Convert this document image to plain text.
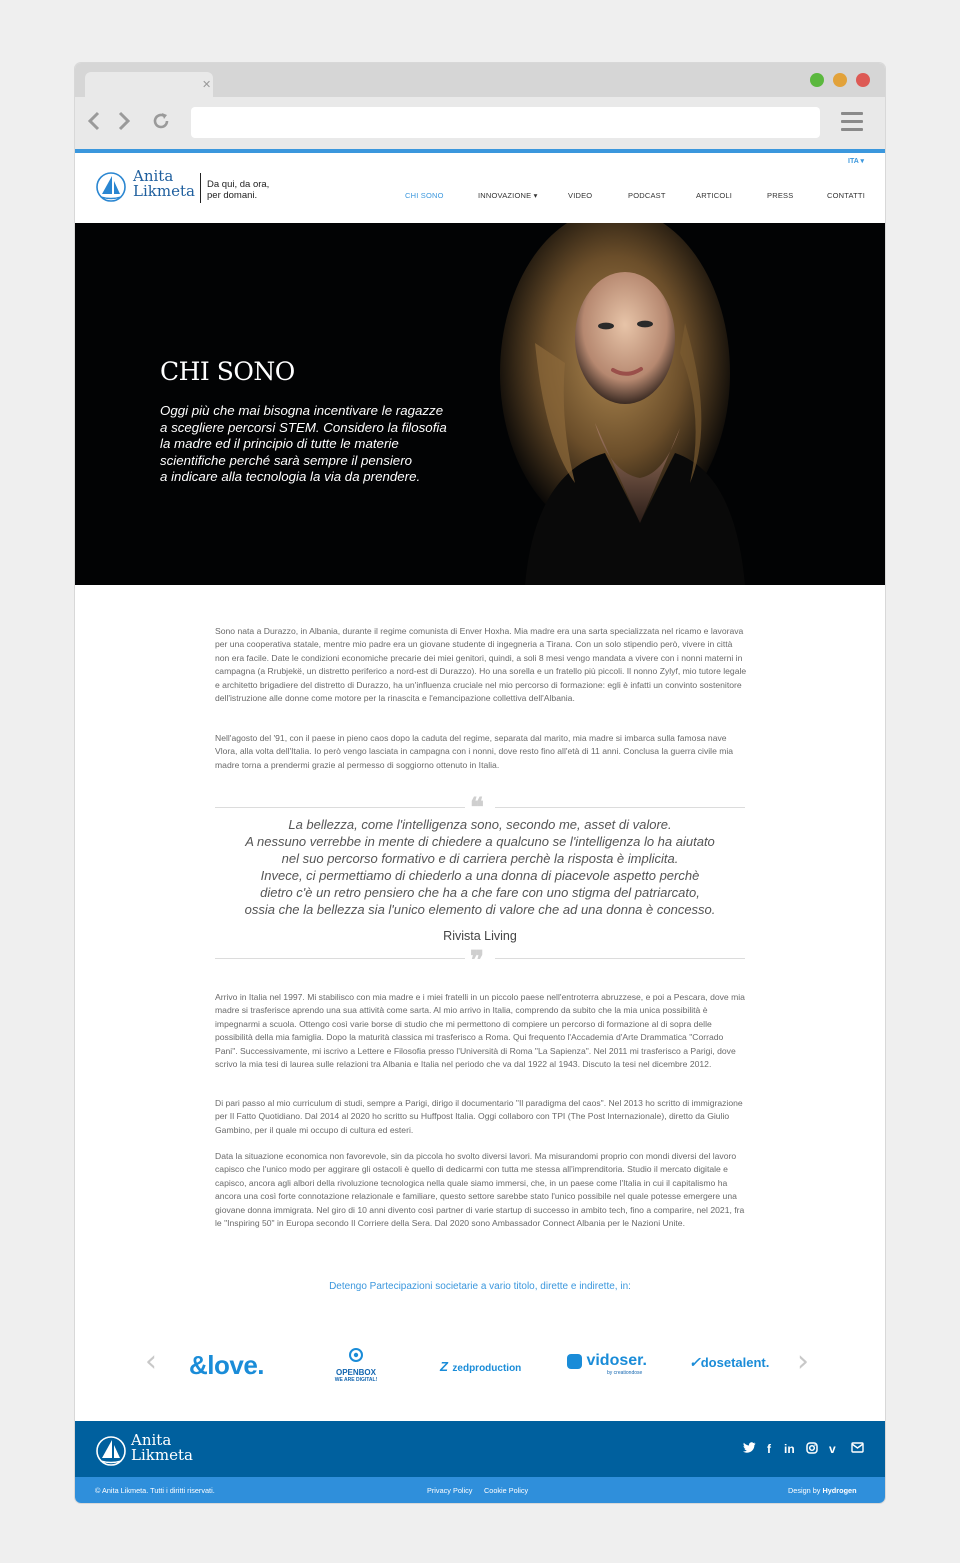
✕
Anita
Likmeta Da qui, da ora,
per domani.
ITA ▾
CHI SONO	INNOVAZIONE ▾	VIDEO	PODCAST	ARTICOLI	PRESS	CONTATTI
CHI SONO
Oggi più che mai bisogna incentivare le ragazze
a scegliere percorsi STEM. Considero la filosofia
la madre ed il principio di tutte le materie
scientifiche perché sarà sempre il pensiero
a indicare alla tecnologia la via da prendere.

Sono nata a Durazzo, in Albania, durante il regime comunista di Enver Hoxha. Mia madre era una sarta specializzata nel ricamo e lavorava per una cooperativa statale, mentre mio padre era un giovane studente di ingegneria a Tirana. Con un solo stipendio però, vivere in città non era facile. Date le condizioni economiche precarie dei miei genitori, quindi, a soli 8 mesi vengo mandata a vivere con i nonni materni in campagna (a Rrubjekë, un distretto periferico a nord-est di Durazzo). Ho una sorella e un fratello più piccoli. Il nonno Zylyf, mio tutore legale e architetto brigadiere del distretto di Durazzo, ha un'influenza cruciale nel mio percorso di formazione: egli è infatti un convinto sostenitore dell'istruzione alle donne come motore per la rinascita e l'emancipazione collettiva dell'Albania.

Nell'agosto del '91, con il paese in pieno caos dopo la caduta del regime, separata dal marito, mia madre si imbarca sulla famosa nave Vlora, alla volta dell'Italia. Io però vengo lasciata in campagna con i nonni, dove resto fino all'età di 11 anni. Conclusa la guerra civile mia madre torna a prendermi grazie al permesso di soggiorno ottenuto in Italia.

❝
La bellezza, come l'intelligenza sono, secondo me, asset di valore.
A nessuno verrebbe in mente di chiedere a qualcuno se l'intelligenza lo ha aiutato
nel suo percorso formativo e di carriera perchè la risposta è implicita.
Invece, ci permettiamo di chiederlo a una donna di piacevole aspetto perchè
dietro c'è un retro pensiero che ha a che fare con uno stigma del patriarcato,
ossia che la bellezza sia l'unico elemento di valore che ad una donna è concesso.
Rivista Living
❞

Arrivo in Italia nel 1997. Mi stabilisco con mia madre e i miei fratelli in un piccolo paese nell'entroterra abruzzese, e poi a Pescara, dove mia madre si trasferisce aprendo una sua attività come sarta. Al mio arrivo in Italia, comprendo da subito che la mia unica possibilità è impegnarmi a scuola. Ottengo così varie borse di studio che mi permettono di compiere un percorso di formazione al di sopra delle possibilità della mia famiglia. Dopo la maturità classica mi trasferisco a Roma. Qui frequento l'Accademia d'Arte Drammatica "Corrado Pani". Successivamente, mi iscrivo a Lettere e Filosofia presso l'Università di Roma "La Sapienza". Nel 2011 mi trasferisco a Parigi, dove scrivo la mia tesi di laurea sulle relazioni tra Albania e Italia nel periodo che va dal 1922 al 1943. Discuto la tesi nel dicembre 2012.

Di pari passo al mio curriculum di studi, sempre a Parigi, dirigo il documentario "Il paradigma del caos". Nel 2013 ho scritto di immigrazione per Il Fatto Quotidiano. Dal 2014 al 2020 ho scritto su Huffpost Italia. Oggi collaboro con TPI (The Post Internazionale), diretto da Giulio Gambino, per il quale mi occupo di cultura ed esteri.

Data la situazione economica non favorevole, sin da piccola ho svolto diversi lavori. Ma misurandomi proprio con mondi diversi del lavoro capisco che l'unico modo per aggirare gli ostacoli è quello di dedicarmi con tutta me stessa all'imprenditoria. Studio il mercato digitale e capisco, ancora agli albori della rivoluzione tecnologica nella quale siamo immersi, che, in un paese come l'Italia in cui il capitalismo ha ancora una così forte connotazione relazionale e familiare, questo settore sarebbe stato l'unico possibile nel quale potesse emergere una giovane donna immigrata. Nel giro di 10 anni divento così partner di varie startup di successo in ambito tech, fino a comparire, nel 2021, fra le "Inspiring 50" in Europa secondo Il Corriere della Sera. Dal 2020 sono Ambassador Connect Albania per le Nazioni Unite.

Detengo Partecipazioni societarie a vario titolo, dirette e indirette, in:
‹	›
&love.	OPENBOX
WE ARE DIGITAL!
Z zedproduction	vidoser.
by creationdose
✓dosetalent.
Anita
Likmeta	f in	v
© Anita Likmeta. Tutti i diritti riservati.	Privacy Policy Cookie Policy	Design by Hydrogen
